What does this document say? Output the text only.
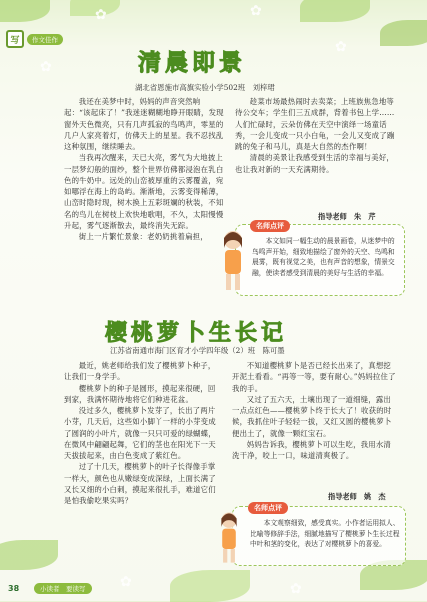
✿	✿
✿
✿
✿	✿
写	作文佳作
清晨即景
湖北省恩施市高旗实验小学502班　刘梓珺

我还在美梦中时，妈妈的声音突然响起：“该起床了！”我迷迷糊糊地睁开眼睛，发现窗外天色微亮，只有几声孤寂的鸟鸣声，零星的几户人家亮着灯，仿佛天上的星星。我不忍找乱这种氛围，继续睡去。

当我再次醒来，天已大亮，雾气为大地披上一层梦幻般的面纱，整个世界仿佛都浸泡在乳白色的牛奶中。远处的山峦被厚重的云雾覆盖，宛如哪浮在海上的岛屿。渐渐地，云雾变得稀薄，山峦时隐时现，树木换上五彩斑斓的秋装，不知名的鸟儿在树枝上欢快地歌唱，不久，太阳慢慢升起，雾气逐渐散去，最终消失无踪。

街上一片繁忙景象：老奶奶挑着扁担，

趁菜市场最热闹时去卖菜；上班族焦急地等待公交车；学生们三五成群，背着书包上学……人们忙碌时，云朵仿佛在天空中演绎一场童话秀，一会儿变成一只小白龟，一会儿又变成了蹦跳的兔子和马儿，真是大自然的杰作啊！

清晨的美景让我感受到生活的幸福与美好，也让我对新的一天充满期待。

指导老师　朱　芹
名师点评
本文如同一幅生动的晨景画卷，从迷梦中的鸟鸣声开始，细致地描绘了窗外的天空、鸟鸣和晨雾，既有视觉之美，也有声音的想象，情景交融，使读者感受到清晨的美好与生活的幸福。
樱桃萝卜生长记
江苏省南通市海门区育才小学四年级（2）班　陈可墨

最近，姚老师给我们发了樱桃萝卜种子，让我们一身学手。

樱桃萝卜的种子是圆形，摸起来很硬，回到家，我满怀期待地将它们种进花盆。

没过多久，樱桃萝卜发芽了，长出了两片小芽，几天后，这些如小脚丫一样的小芽变成了圆润的小叶片，就像一只只可爱的绿蝴蝶，在微风中翩翩起舞，它们的茎也在阳光下一天天拔拔起来，由白色变成了紫红色。

过了十几天，樱桃萝卜的叶子长得像手掌一样大，颜色也从嫩绿变成深绿，上面长满了又长又细的小白刺，摸起来很扎手，难道它们是怕我偷吃果实吗？

不知道樱桃萝卜是否已经长出来了，真想挖开泥土看看。“再等一等，要有耐心。”妈妈拉住了我的手。

又过了五六天，土壤出现了一道细缝，露出一点点红色——樱桃萝卜终于长大了！收获的时候，我抓住叶子轻轻一拔，又红又圆的樱桃萝卜便出土了，就像一颗红宝石。

妈妈告诉我，樱桃萝卜可以生吃，我用水清洗干净，咬上一口，味道清爽极了。

指导老师　姚　杰
名师点评
本文观察细致，感受真实。小作者运用拟人、比喻等修辞手法，细腻地描写了樱桃萝卜生长过程中叶和茎的变化，表达了对樱桃萝卜的喜爱。
38	小读者　要读写
